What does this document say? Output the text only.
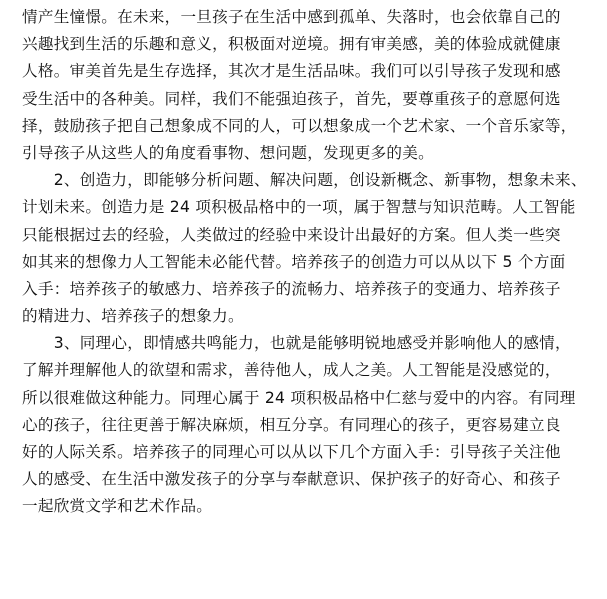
情产生憧憬。在未来，一旦孩子在生活中感到孤单、失落时，也会依靠自己的
兴趣找到生活的乐趣和意义，积极面对逆境。拥有审美感，美的体验成就健康
人格。审美首先是生存选择，其次才是生活品味。我们可以引导孩子发现和感
受生活中的各种美。同样，我们不能强迫孩子，首先，要尊重孩子的意愿何选
择，鼓励孩子把自己想象成不同的人，可以想象成一个艺术家、一个音乐家等，
引导孩子从这些人的角度看事物、想问题，发现更多的美。
　　2、创造力，即能够分析问题、解决问题，创设新概念、新事物，想象未来、
计划未来。创造力是 24 项积极品格中的一项，属于智慧与知识范畴。人工智能
只能根据过去的经验，人类做过的经验中来设计出最好的方案。但人类一些突
如其来的想像力人工智能未必能代替。培养孩子的创造力可以从以下 5 个方面
入手：培养孩子的敏感力、培养孩子的流畅力、培养孩子的变通力、培养孩子
的精进力、培养孩子的想象力。
　　3、同理心，即情感共鸣能力，也就是能够明锐地感受并影响他人的感情，
了解并理解他人的欲望和需求，善待他人，成人之美。人工智能是没感觉的，
所以很难做这种能力。同理心属于 24 项积极品格中仁慈与爱中的内容。有同理
心的孩子，往往更善于解决麻烦，相互分享。有同理心的孩子，更容易建立良
好的人际关系。培养孩子的同理心可以从以下几个方面入手：引导孩子关注他
人的感受、在生活中激发孩子的分享与奉献意识、保护孩子的好奇心、和孩子
一起欣赏文学和艺术作品。
